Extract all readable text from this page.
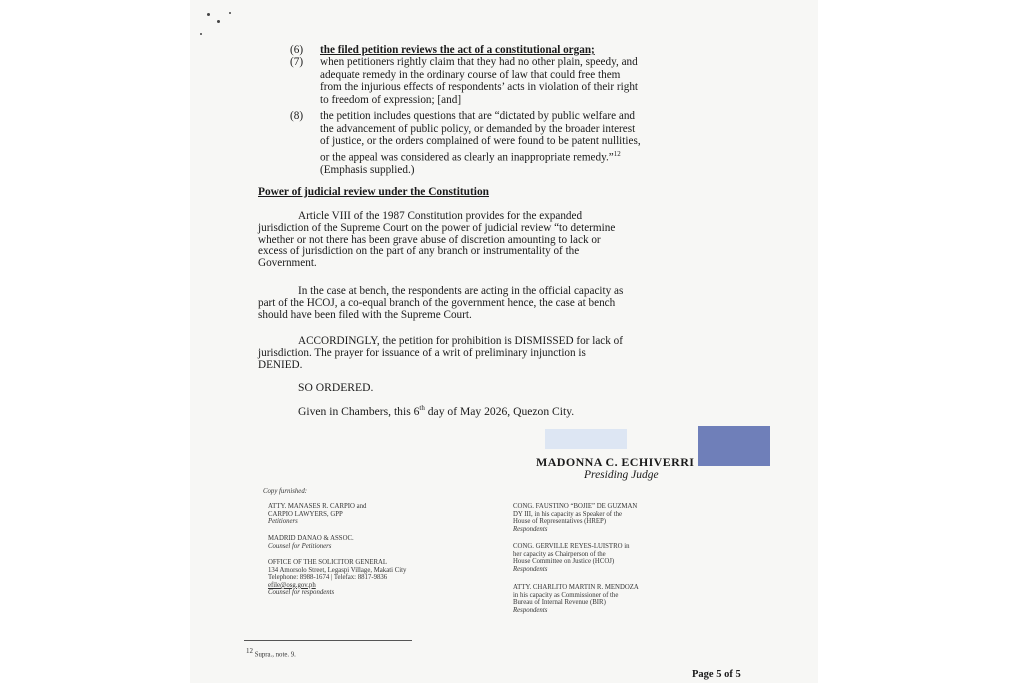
(6)	the filed petition reviews the act of a constitutional organ;
(7)	when petitioners rightly claim that they had no other plain, speedy, and
adequate remedy in the ordinary course of law that could free them
from the injurious effects of respondents’ acts in violation of their right
to freedom of expression; [and]
(8)	the petition includes questions that are “dictated by public welfare and
the advancement of public policy, or demanded by the broader interest
of justice, or the orders complained of were found to be patent nullities,
or the appeal was considered as clearly an inappropriate remedy.”$^{12}$
(Emphasis supplied.)
Power of judicial review under the Constitution
Article VIII of the 1987 Constitution provides for the expanded
jurisdiction of the Supreme Court on the power of judicial review “to determine
whether or not there has been grave abuse of discretion amounting to lack or
excess of jurisdiction on the part of any branch or instrumentality of the
Government.
In the case at bench, the respondents are acting in the official capacity as
part of the HCOJ, a co-equal branch of the government hence, the case at bench
should have been filed with the Supreme Court.
ACCORDINGLY, the petition for prohibition is DISMISSED for lack of
jurisdiction. The prayer for issuance of a writ of preliminary injunction is
DENIED.
SO ORDERED.
Given in Chambers, this 6th day of May 2026, Quezon City.
MADONNA C. ECHIVERRI
Presiding Judge
Copy furnished:
ATTY. MANASES R. CARPIO and
CARPIO LAWYERS, GPP
Petitioners
MADRID DANAO & ASSOC.
Counsel for Petitioners
OFFICE OF THE SOLICITOR GENERAL
134 Amorsolo Street, Legaspi Village, Makati City
Telephone: 8988-1674 | Telefax: 8817-9836
efile@osg.gov.ph
Counsel for respondents
CONG. FAUSTINO “BOJIE” DE GUZMAN
DY III, in his capacity as Speaker of the
House of Representatives (HREP)
Respondents
CONG. GERVILLE REYES-LUISTRO in
her capacity as Chairperson of the
House Committee on Justice (HCOJ)
Respondents
ATTY. CHARLITO MARTIN R. MENDOZA
in his capacity as Commissioner of the
Bureau of Internal Revenue (BIR)
Respondents
12 Supra., note. 9.
Page 5 of 5
